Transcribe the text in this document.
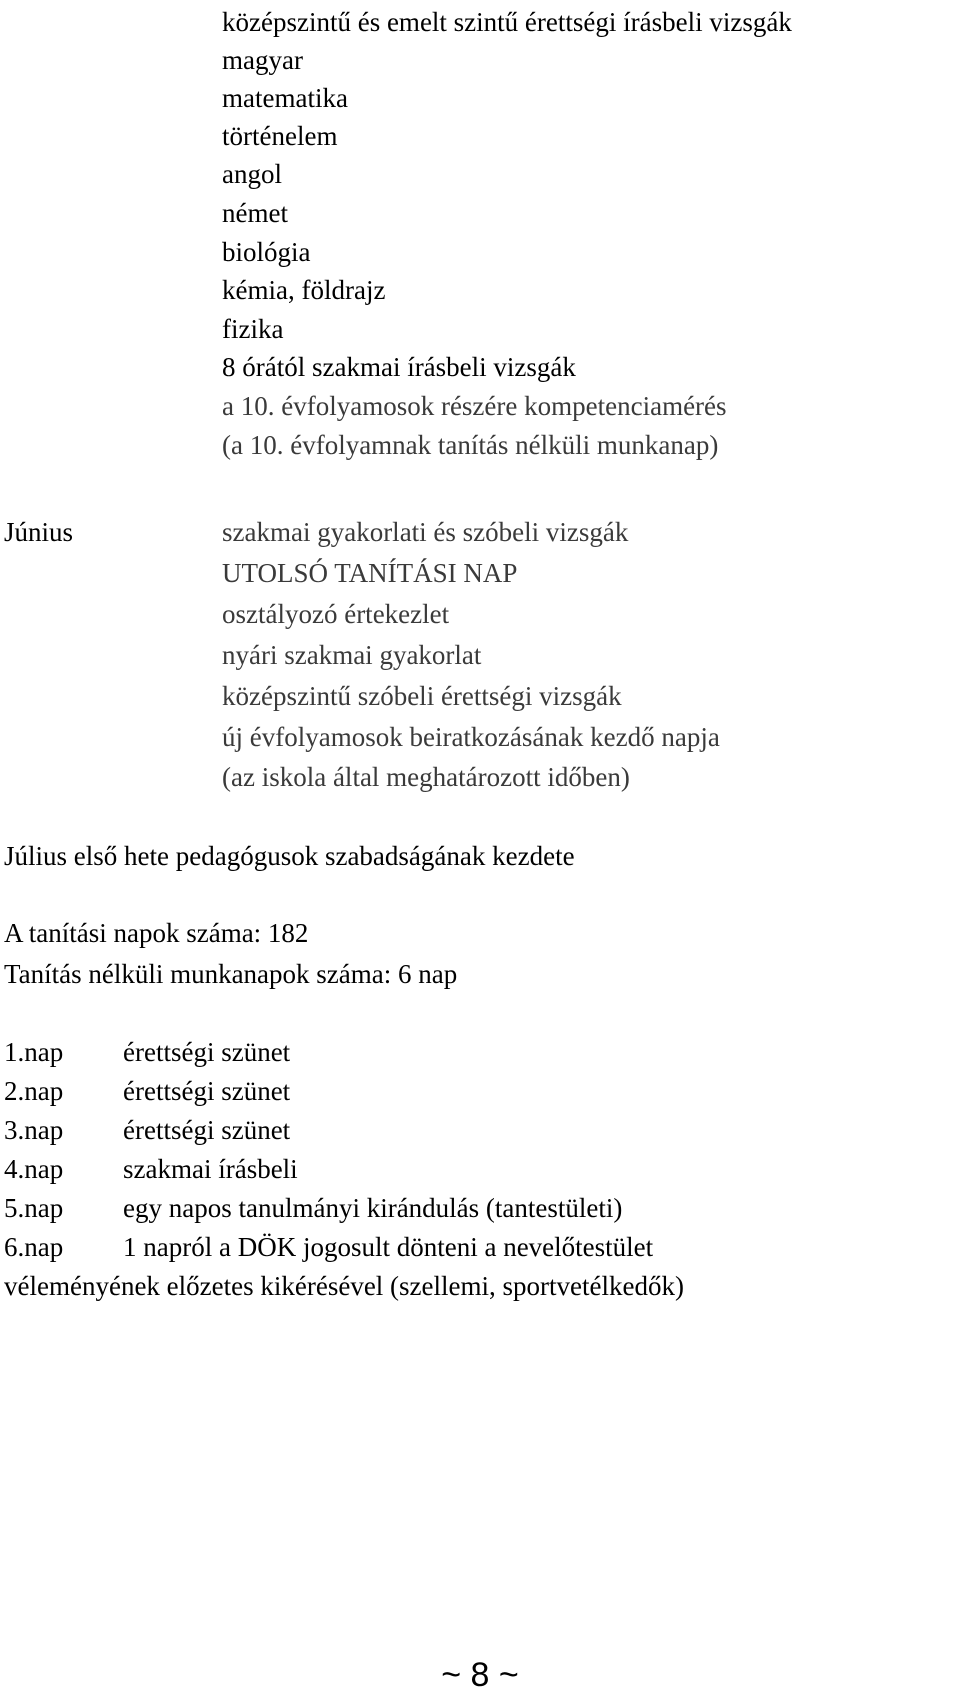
középszintű és emelt szintű érettségi írásbeli vizsgák
magyar
matematika
történelem
angol
német
biológia
kémia, földrajz
fizika
8 órától szakmai írásbeli vizsgák
a 10. évfolyamosok részére kompetenciamérés
(a 10. évfolyamnak tanítás nélküli munkanap)
Június	szakmai gyakorlati és szóbeli vizsgák
UTOLSÓ TANÍTÁSI NAP
osztályozó értekezlet
nyári szakmai gyakorlat
középszintű szóbeli érettségi vizsgák
új évfolyamosok beiratkozásának kezdő napja
(az iskola által meghatározott időben)
Július első hete pedagógusok szabadságának kezdete
A tanítási napok száma: 182
Tanítás nélküli munkanapok száma: 6 nap
1.nap érettségi szünet
2.nap érettségi szünet
3.nap érettségi szünet
4.nap szakmai írásbeli
5.nap egy napos tanulmányi kirándulás (tantestületi)
6.nap 1 napról a DÖK jogosult dönteni a nevelőtestület
véleményének előzetes kikérésével (szellemi, sportvetélkedők)
~ 8 ~
